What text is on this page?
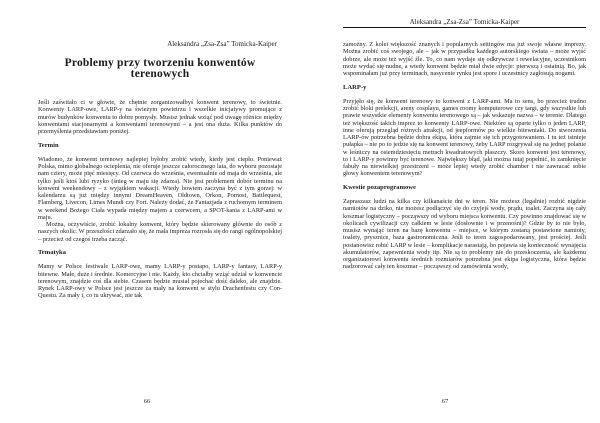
Aleksandra „Zsa-Zsa” Tomicka-Kaiper
Problemy przy tworzeniu konwentów terenowych

Jeśli zaświtało ci w głowie, że chętnie zorganizowałbyś konwent terenowy, to świetnie. Konwenty LARP-owe, LARP-y na świeżym powietrzu i wszelkie inicjatywy promujące z murów budynków konwentu to dobre pomysły. Musisz jednak wziąć pod uwagę różnice między konwentami stacjonarnymi a konwentami terenowymi – a jest ona duża. Kilka punktów do przemyślenia przedstawiam poniżej.

Termin

Wiadomo, że konwent terenowy najlepiej byłoby zrobić wtedy, kiedy jest ciepło. Ponieważ Polska, mimo globalnego ocieplenia, nie oferuje jeszcze całorocznego lata, do wyboru pozostaje nam cztery, może pięć miesięcy. Od czerwca do września, ewentualnie od maja do września, ale tylko jeśli ktoś lubi ryzyko (śnieg w maju się zdarza). Nie jest problemem dobór terminu na konwent weekendowy – z wyjątkiem wakacji. Wtedy bowiem zaczyna być z tym gorzej: w kalendarzu są już między innymi DreamHeaven, Oldtown, Orkon, Pornost, Battlequest, Flamberg, Livecon, Limes Mundi czy Fort. Należy dodać, że Fantazjada z ruchomym terminem w weekend Bożego Ciała wypada między majem a czerwcem, a SPOT-kania z LARP-ami w maju.

Można, oczywiście, zrobić lokalny konwent, który będzie skierowany głównie do osób z naszych okolic. W przeszłości zdarzało się, że mała impreza rozrosła się do rangi ogólnopolskiej – przecież od czegoś trzeba zacząć.

Tematyka

Mamy w Polsce festiwale LARP-owe, mamy LARP-y postapo, LARP-y fantasy, LARP-y bitewne. Małe, duże i średnie. Komercyjne i nie. Każdy, kto chciałby wziąć udział w konwencie terenowym, znajdzie coś dla siebie. Czasem będzie musiał pojechać dość daleko, ale znajdzie. Rynek LARP-owy w Polsce jest jeszcze za mały na konwent w stylu Drachenfestu czy Con-Questu. Za mały i, co tu ukrywać, nie tak

66
Aleksandra „Zsa-Zsa” Tomicka-Kaiper

zamożny. Z kolei większość znanych i popularnych settingów ma już swoje własne imprezy. Można zrobić coś swojego, ale – jak w przypadku każdego autorskiego świata – może wyjść dobrze, ale może też wyjść źle. To, co nam wydaje się odkrywcze i rewelacyjne, uczestnikom może wydać się nudne, a wtedy konwent będzie miał dwie edycje: pierwszą i ostatnią. Bo, jak wspominałam już przy terminach, nasycenie rynku jest spore i uczestnicy zagłosują nogami.

LARP-y

Przyjęło się, że konwent terenowy to konwent z LARP-ami. Ma to sens, bo przecież trudno zrobić bloki prelekcji, areny cosplayu, games roomy komputerowe czy targi, gdy wszystkie lub prawie wszystkie elementy konwentu terenowego są – jak wskazuje nazwa – w terenie. Dlatego też większość takich imprez to konwenty LARP-owe. Niektóre są oparte tylko o jeden LARP, inne oferują przegląd różnych atrakcji, od jeepformów po wielkie bitewniaki. Do stworzenia LARP-ów potrzebna będzie dobra ekipa, która zajmie się ich przygotowaniem. I tu też istnieje pułapka – nie po to jedzie się na konwent terenowy, żeby LARP rozgrywał się na jednej polanie w leśniczy na osiemdziesięciu metrach kwadratowych płaszczy. Skoro konwent jest terenowy, to i LARP-y powinny być terenowe. Największy błąd, jaki można tutaj popełnić, to zamknięcie fabuły na niewielkiej przestrzeni – może lepiej wtedy zrobić chamber i nie zawracać sobie głowy konwentem terenowym?

Kwestie pozaprogramowe

Zapraszasz ludzi na kilka czy kilkanaście dni w teren. Nie możesz (legalnie) rozbić nigdzie namiotów na dziko, nie możesz podłączyć się do czyjejś wody, prądu, toalet. Zaczyna się cały koszmar logistyczny – począwszy od wyboru miejsca konwentu. Czy powinno znajdować się w okolicach cywilizacji czy całkiem w lesie (dosłownie i w przenośni)? Gdzie by to nie było, musisz wynająć teren na bazę konwentu – miejsce, w którym zostaną postawione namioty, toalety, prysznice, baza gastronomiczna. Jeśli to teren zagospodarowany, jest prościej. Jeśli postanowisz robić LARP w lesie – komplikacje narastają, bo pojawia się konieczność wynajęcia akumulatorów, zapewnienia wody itp. Nie są to problemy nie do przeskoczenia, ale każdemu organizatorowi konwentu średnich rozmiarów potrzebna jest ekipa logistyczna, która będzie nadzorować cały ten koszmar – począwszy od zamówienia wody,

67
